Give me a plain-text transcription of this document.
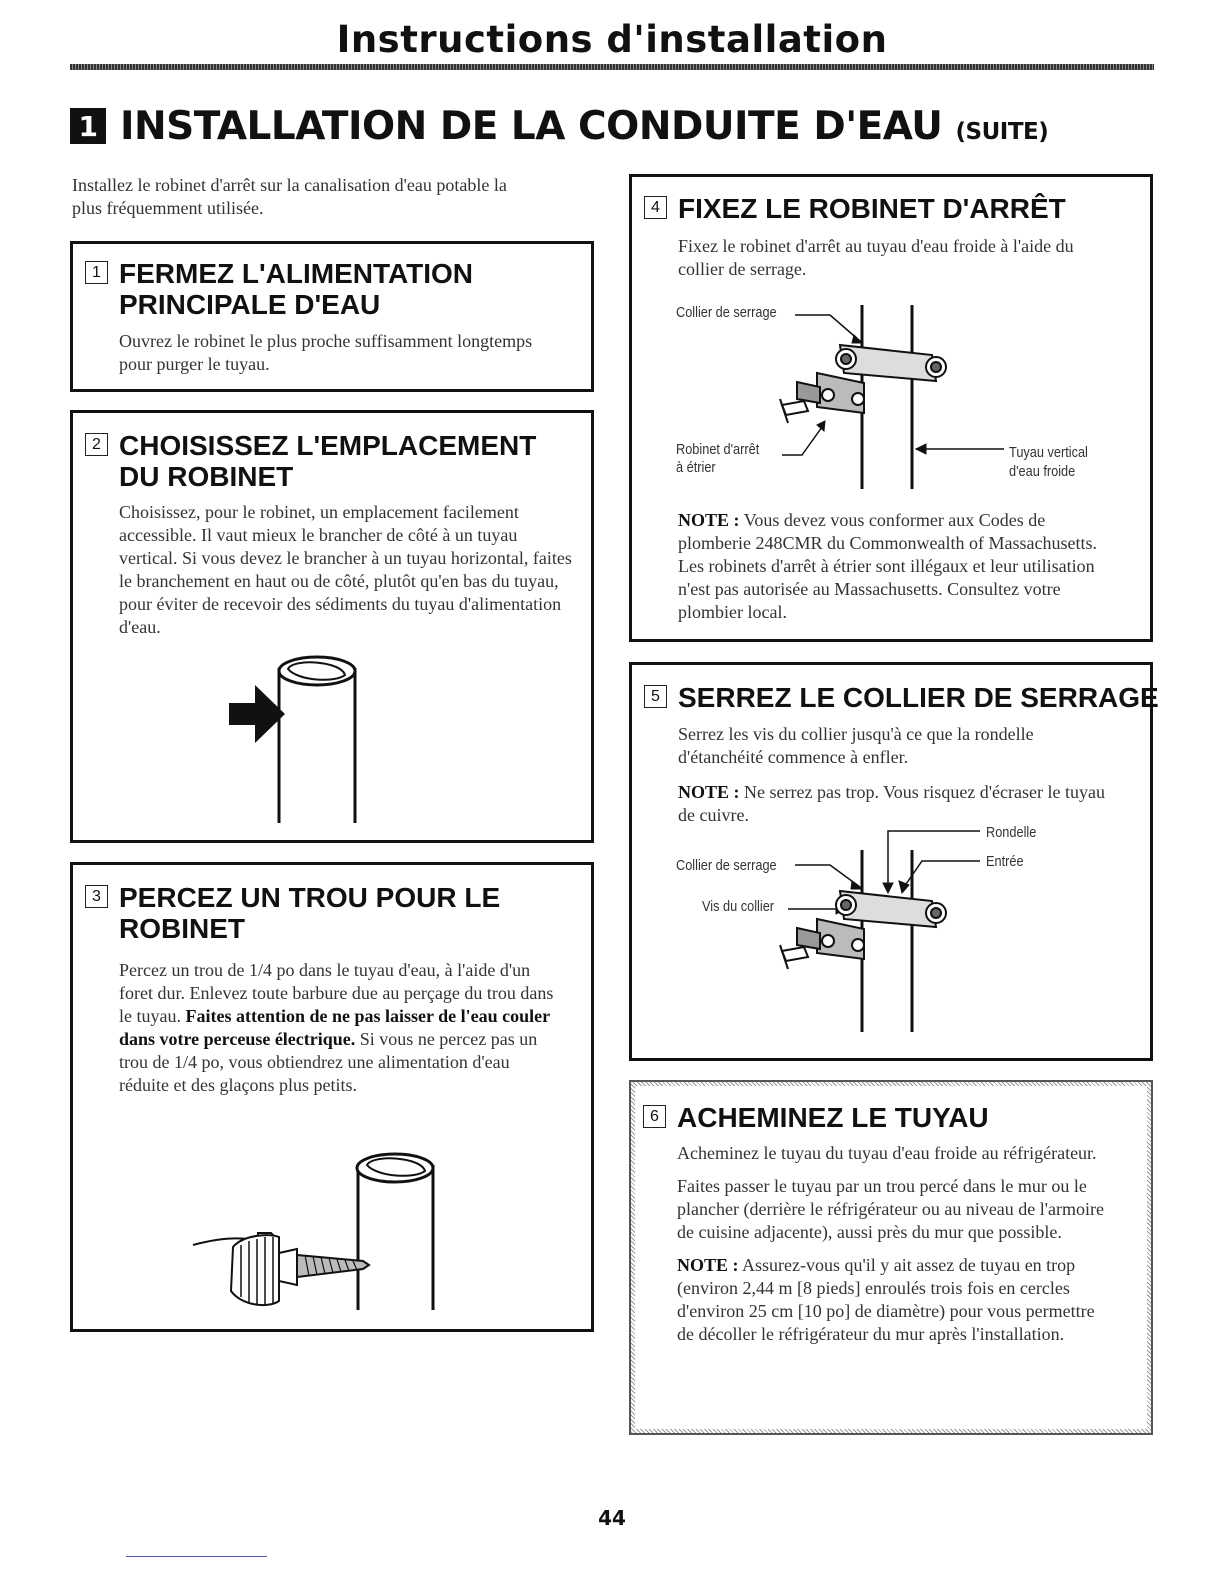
Instructions d'installation
1 INSTALLATION DE LA CONDUITE D'EAU (SUITE)
Installez le robinet d'arrêt sur la canalisation d'eau potable la plus fréquemment utilisée.
1 FERMEZ L'ALIMENTATION PRINCIPALE D'EAU
Ouvrez le robinet le plus proche suffisamment longtemps pour purger le tuyau.
2 CHOISISSEZ L'EMPLACEMENT DU ROBINET
Choisissez, pour le robinet, un emplacement facilement accessible. Il vaut mieux le brancher de côté à un tuyau vertical. Si vous devez le brancher à un tuyau horizontal, faites le branchement en haut ou de côté, plutôt qu'en bas du tuyau, pour éviter de recevoir des sédiments du tuyau d'alimentation d'eau.
3 PERCEZ UN TROU POUR LE ROBINET
Percez un trou de 1/4 po dans le tuyau d'eau, à l'aide d'un foret dur. Enlevez toute barbure due au perçage du trou dans le tuyau. Faites attention de ne pas laisser de l'eau couler dans votre perceuse électrique. Si vous ne percez pas un trou de 1/4 po, vous obtiendrez une alimentation d'eau réduite et des glaçons plus petits.
4 FIXEZ LE ROBINET D'ARRÊT
Fixez le robinet d'arrêt au tuyau d'eau froide à l'aide du collier de serrage.
Collier de serrage
Robinet d'arrêt
à étrier
Tuyau vertical
d'eau froide
NOTE : Vous devez vous conformer aux Codes de plomberie 248CMR du Commonwealth of Massachusetts. Les robinets d'arrêt à étrier sont illégaux et leur utilisation n'est pas autorisée au Massachusetts. Consultez votre plombier local.
5 SERREZ LE COLLIER DE SERRAGE
Serrez les vis du collier jusqu'à ce que la rondelle d'étanchéité commence à enfler.
NOTE : Ne serrez pas trop. Vous risquez d'écraser le tuyau de cuivre.
Rondelle
Entrée
Collier de serrage
Vis du collier
6 ACHEMINEZ LE TUYAU

Acheminez le tuyau du tuyau d'eau froide au réfrigérateur.

Faites passer le tuyau par un trou percé dans le mur ou le plancher (derrière le réfrigérateur ou au niveau de l'armoire de cuisine adjacente), aussi près du mur que possible.

NOTE : Assurez-vous qu'il y ait assez de tuyau en trop (environ 2,44 m [8 pieds] enroulés trois fois en cercles d'environ 25 cm [10 po] de diamètre) pour vous permettre de décoller le réfrigérateur du mur après l'installation.

44
